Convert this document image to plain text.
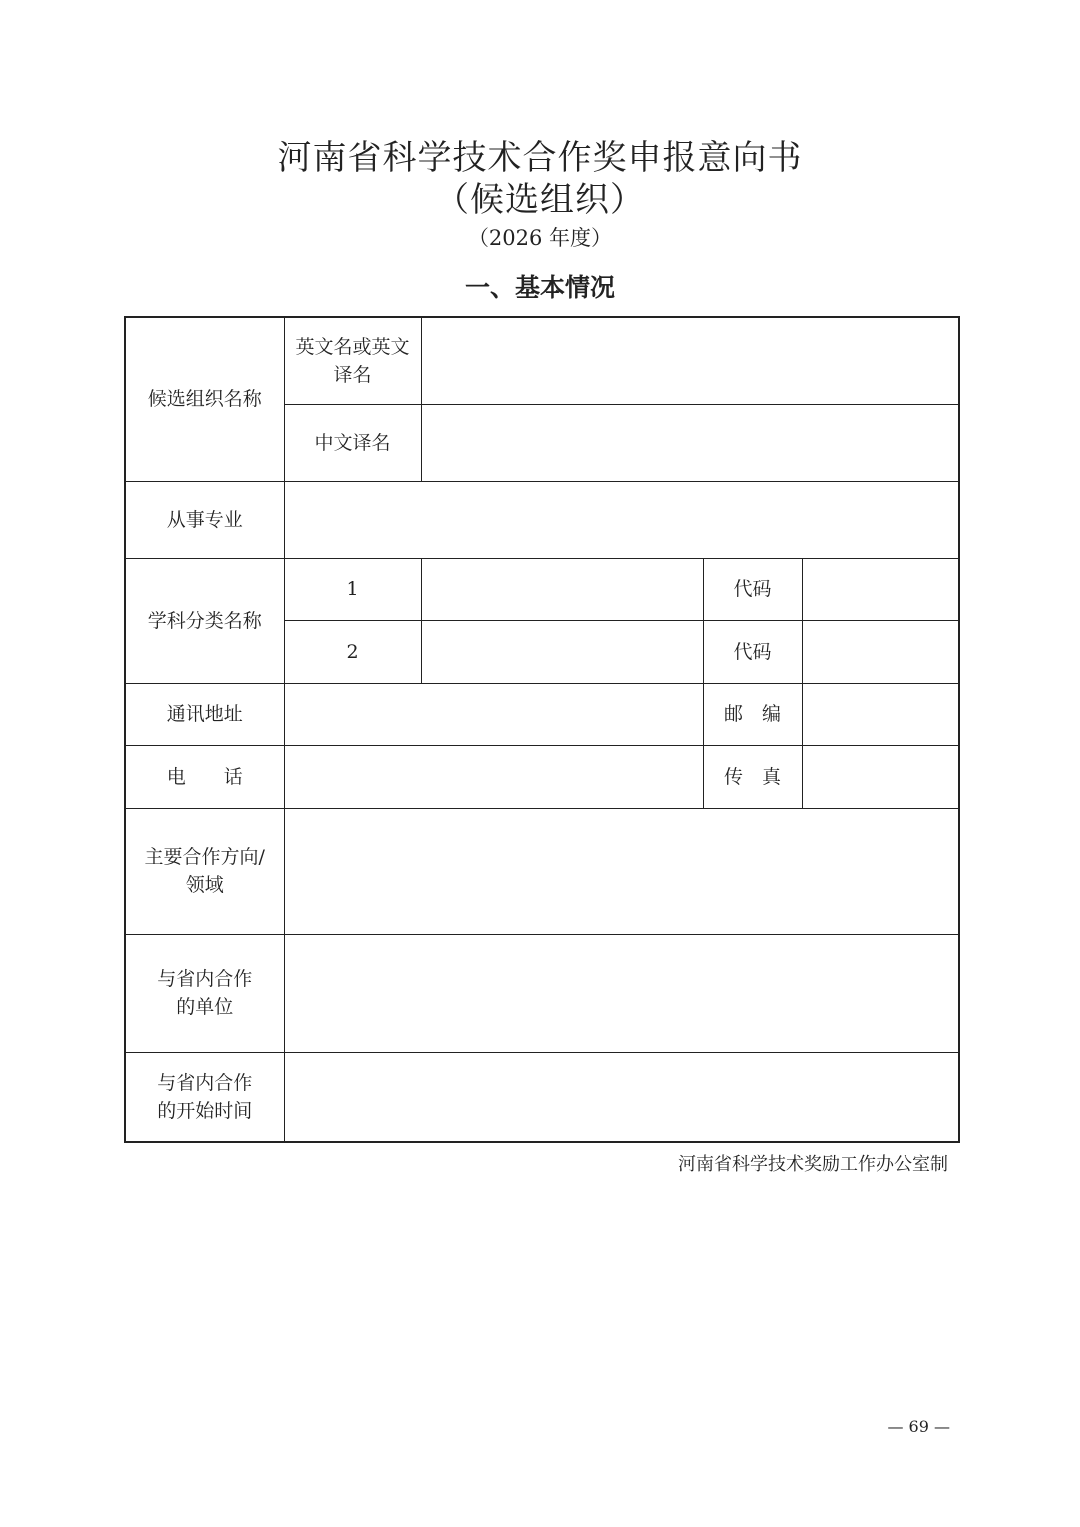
河南省科学技术合作奖申报意向书
（候选组织）
（2026 年度）
一、基本情况
候选组织名称	英文名或英文
译名			
	中文译名			
从事专业				
学科分类名称	1		代码	
	2		代码	
通讯地址			邮　编	
电　　话			传　真	
主要合作方向/
领域				
与省内合作
的单位				
与省内合作
的开始时间				
河南省科学技术奖励工作办公室制
— 69 —
